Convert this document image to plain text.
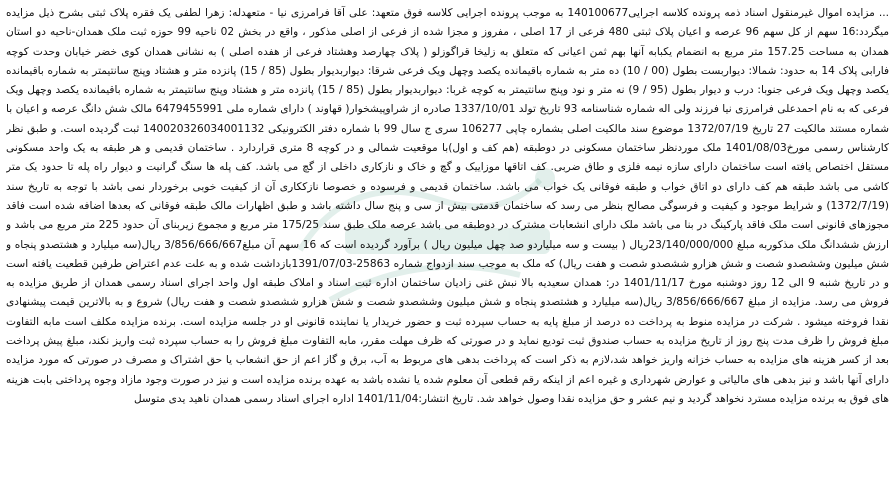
... مزایده اموال غیرمنقول اسناد ذمه پرونده کلاسه اجرایی140100677 به موجب پرونده اجرایی کلاسه فوق متعهد: علی آقا فرامرزی نیا - متعهدله: زهرا لطفی یک فقره پلاک ثبتی بشرح ذیل مزایده میگردد:16 سهم از کل سهم 96 عرصه و اعیان پلاک ثبتی 480 فرعی از 17 اصلی ، مفروز و مجزا شده از فرعی از اصلی مذکور ، واقع در بخش 02 ناحیه 99 حوزه ثبت ملک همدان-ناحیه دو استان همدان به مساحت 157.25 متر مربع به انضمام یکبابه آنها بهم ثمن اعیانی که متعلق به زلیخا قراگوزلو ( پلاک چهارصد وهشتاد فرعی از هفده اصلی ) به نشانی همدان کوی خضر خیابان وحدت کوچه فارابی پلاک 14 به حدود: شمالا: دیواربست بطول (00 / 10) ده متر به شماره باقیمانده یکصد وچهل ویک فرعی شرقا: دیواربدیوار بطول (85 / 15) پانزده متر و هشتاد وپنج سانتیمتر به شماره باقیمانده یکصد وچهل ویک فرعی جنوبا: درب و دیوار بطول (95 / 9) نه متر و نود وپنج سانتیمتر به کوچه غربا: دیواربدیوار بطول (85 / 15) پانزده متر و هشتاد وپنج سانتیمتر به شماره باقیمانده یکصد وچهل ویک فرعی که به نام احمدعلی فرامرزی نیا فرزند ولی اله شماره شناسنامه 93 تاریخ تولد 1337/10/01 صادره از شراوپیشخوار( قهاوند ) دارای شماره ملی 6479455991 مالک شش دانگ عرصه و اعیان با شماره مستند مالکیت 27 تاریخ 1372/07/19 موضوع سند مالکیت اصلی بشماره چاپی 106277 سری ج سال 99 با شماره دفتر الکترونیکی 140020326034001132 ثبت گردیده است. و طبق نظر کارشناس رسمی مورخ1401/08/03 ملک موردنظر ساختمان مسکونی در دوطبقه (هم کف و اول)با موقعیت شمالی و در کوچه 8 متری قراردارد . ساختمان قدیمی و هر طبقه به یک واحد مسکونی مستقل اختصاص یافته است ساختمان دارای سازه نیمه فلزی و طاق ضربی. کف اتاقها موزاییک و گچ و خاک و نازکاری داخلی از گچ می باشد. کف پله ها سنگ گرانیت و دیوار راه پله تا حدود یک متر کاشی می باشد طبقه هم کف دارای دو اتاق خواب و طبقه فوقانی یک خواب می باشد. ساختمان قدیمی و فرسوده و خصوصا نازککاری آن از کیفیت خوبی برخوردار نمی باشد با توجه به تاریخ سند (1372/7/19) و شرایط موجود و کیفیت و فرسوگی مصالح بنظر می رسد که ساختمان قدمتی بیش از سی و پنج سال داشته باشد و طبق اظهارات مالک طبقه فوقانی که بعدها اضافه شده است فاقد مجوزهای قانونی است ملک فاقد پارکینگ در بنا می باشد ملک دارای انشعابات مشترک در دوطبقه می باشد عرصه ملک طبق سند 175/25 متر مربع و مجموع زیربنای آن حدود 225 متر مربع می باشد و ارزش ششدانگ ملک مذکوربه مبلغ 23/140/000/000ریال ( بیست و سه میلیاردو صد چهل میلیون ریال ) برآورد گردیده است که 16 سهم آن مبلغ3/856/666/667 ریال(سه میلیارد و هشتصدو پنجاه و شش میلیون وششصدو شصت و شش هزارو ششصدو شصت و هفت ریال) که ملک به موجب سند ازدواج شماره 25863-1391/07/03بازداشت شده و به علت عدم اعتراض طرفین قطعیت یافته است و در تاریخ شنبه 9 الی 12 روز دوشنبه مورخ 1401/11/17 در: همدان سعیدیه بالا نبش غنی زادیان ساختمان اداره ثبت اسناد و املاک طبقه اول واحد اجرای اسناد رسمی همدان از طریق مزایده به فروش می رسد. مزایده از مبلغ 3/856/666/667 ریال(سه میلیارد و هشتصدو پنجاه و شش میلیون وششصدو شصت و شش هزارو ششصدو شصت و هفت ریال) شروع و به بالاترین قیمت پیشنهادی نقدا فروخته میشود . شرکت در مزایده منوط به پرداخت ده درصد از مبلغ پایه به حساب سپرده ثبت و حضور خریدار یا نماینده قانونی او در جلسه مزایده است. برنده مزایده مکلف است مابه التفاوت مبلغ فروش را ظرف مدت پنج روز از تاریخ مزایده به حساب صندوق ثبت تودیع نماید و در صورتی که ظرف مهلت مقرر، مابه التفاوت مبلغ فروش را به حساب سپرده ثبت واریز نکند، مبلغ پیش پرداخت بعد از کسر هزینه های مزایده به حساب خزانه واریز خواهد شد،لازم به ذکر است که پرداخت بدهی های مربوط به آب، برق و گاز اعم از حق انشعاب یا حق اشتراک و مصرف در صورتی که مورد مزایده دارای آنها باشد و نیز بدهی های مالیاتی و عوارض شهرداری و غیره اعم از اینکه رقم قطعی آن معلوم شده یا نشده باشد به عهده برنده مزایده است و نیز در صورت وجود مازاد وجوه پرداختی بابت هزینه های فوق به برنده مزایده مسترد نخواهد گردید و نیم عشر و حق مزایده نقدا وصول خواهد شد. تاریخ انتشار:1401/11/04 اداره اجرای اسناد رسمی همدان ناهید یدی متوسل
